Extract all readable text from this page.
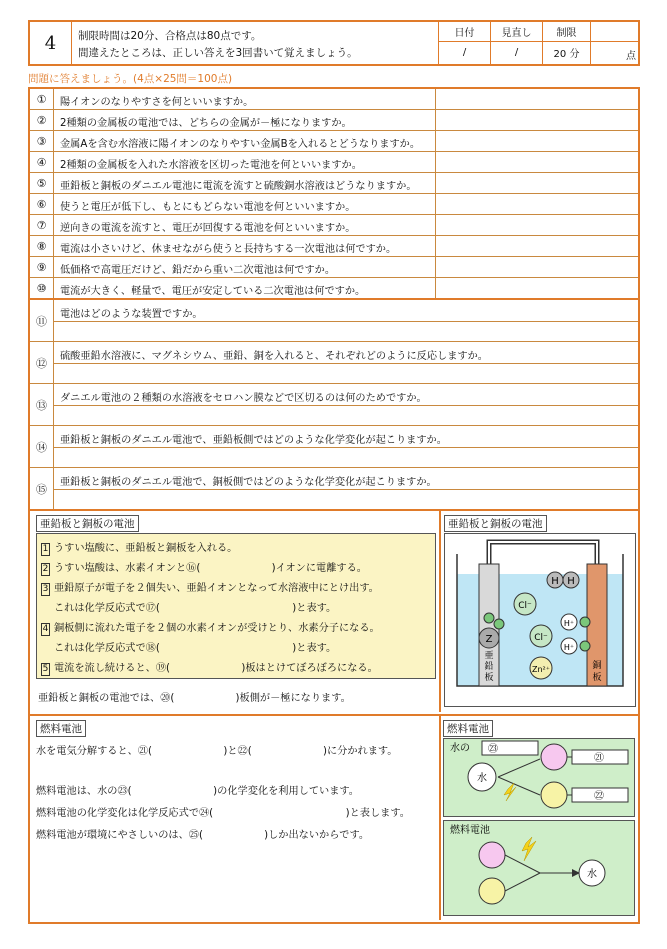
4	制限時間は20分、合格点は80点です。
間違えたところは、正しい答えを3回書いて覚えましょう。
日付	見直し	制限
/	/	20 分	点
問題に答えましょう。(4点×25問＝100点)
①	陽イオンのなりやすさを何といいますか。
②	2種類の金属板の電池では、どちらの金属が－極になりますか。
③	金属Aを含む水溶液に陽イオンのなりやすい金属Bを入れるとどうなりますか。
④	2種類の金属板を入れた水溶液を区切った電池を何といいますか。
⑤	亜鉛板と銅板のダニエル電池に電流を流すと硫酸銅水溶液はどうなりますか。
⑥	使うと電圧が低下し、もとにもどらない電池を何といいますか。
⑦	逆向きの電流を流すと、電圧が回復する電池を何といいますか。
⑧	電流は小さいけど、休ませながら使うと長持ちする一次電池は何ですか。
⑨	低価格で高電圧だけど、鉛だから重い二次電池は何ですか。
⑩	電流が大きく、軽量で、電圧が安定している二次電池は何ですか。
⑪	電池はどのような装置ですか。
⑫	硫酸亜鉛水溶液に、マグネシウム、亜鉛、銅を入れると、それぞれどのように反応しますか。
⑬	ダニエル電池の２種類の水溶液をセロハン膜などで区切るのは何のためですか。
⑭	亜鉛板と銅板のダニエル電池で、亜鉛板側ではどのような化学変化が起こりますか。
⑮	亜鉛板と銅板のダニエル電池で、銅板側ではどのような化学変化が起こりますか。
亜鉛板と銅板の電池
1 うすい塩酸に、亜鉛板と銅板を入れる。
2 うすい塩酸は、水素イオンと⑯(　　　　　　　)イオンに電離する。
3 亜鉛原子が電子を２個失い、亜鉛イオンとなって水溶液中にとけ出す。
これは化学反応式で⑰(　　　　　　　　　　　　　)と表す。
4 銅板側に流れた電子を２個の水素イオンが受けとり、水素分子になる。
これは化学反応式で⑱(　　　　　　　　　　　　　)と表す。
5 電流を流し続けると、⑲(　　　　　　　)板はとけてぼろぼろになる。
亜鉛板と銅板の電池では、⑳(　　　　　　)板側が－極になります。
亜鉛板と銅板の電池
H H
Cl⁻
Cl⁻
H⁺
H⁺
Zn²⁺
Z
亜
鉛
板
銅
板
燃料電池
水を電気分解すると、㉑(　　　　　　　)と㉒(　　　　　　　)に分かれます。
燃料電池は、水の㉓(　　　　　　　　)の化学変化を利用しています。
燃料電池の化学変化は化学反応式で㉔(　　　　　　　　　　　　　)と表します。
燃料電池が環境にやさしいのは、㉕(　　　　　　)しか出ないからです。
燃料電池
水の ㉓
水
㉑
㉒
燃料電池
水
